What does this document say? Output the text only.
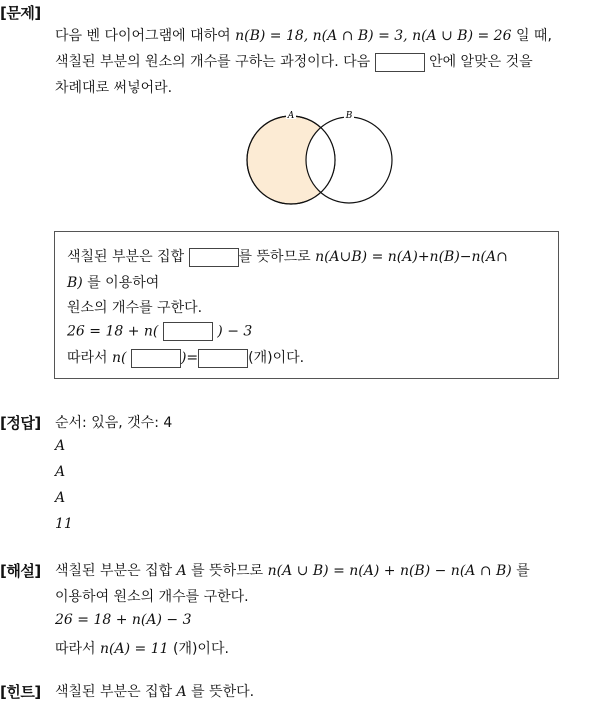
[문제]
다음 벤 다이어그램에 대하여 n(B) = 18, n(A ∩ B) = 3, n(A ∪ B) = 26 일 때,
색칠된 부분의 원소의 개수를 구하는 과정이다. 다음	안에 알맞은 것을
차례대로 써넣어라.
A	B
색칠된 부분은 집합	를 뜻하므로 n(A∪B) = n(A)+n(B)−n(A∩
B) 를 이용하여
원소의 개수를 구한다.
26 = 18 + n(	) − 3
따라서 n(	)=	(개)이다.
[정답] 순서: 있음, 갯수: 4
A
A
A
11
[해설] 색칠된 부분은 집합 A 를 뜻하므로 n(A ∪ B) = n(A) + n(B) − n(A ∩ B) 를
이용하여 원소의 개수를 구한다.
26 = 18 + n(A) − 3
따라서 n(A) = 11 (개)이다.
[힌트] 색칠된 부분은 집합 A 를 뜻한다.
